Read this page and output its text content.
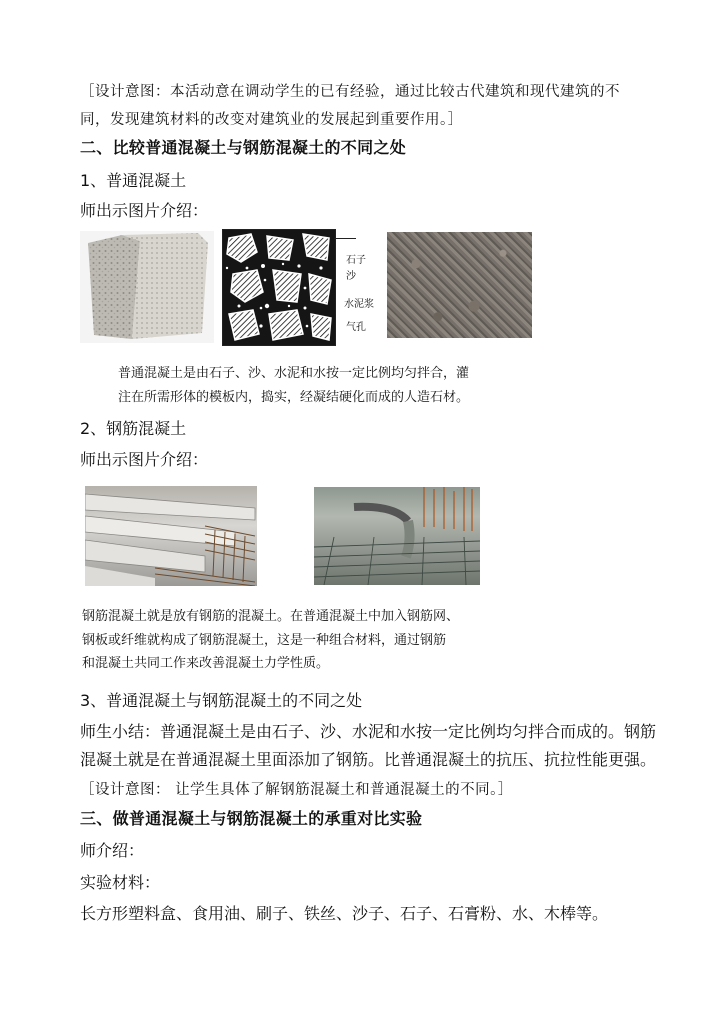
［设计意图：本活动意在调动学生的已有经验，通过比较古代建筑和现代建筑的不
同，发现建筑材料的改变对建筑业的发展起到重要作用。］
二、比较普通混凝土与钢筋混凝土的不同之处
1、普通混凝土
师出示图片介绍：
石子
沙
水泥浆
气孔
普通混凝土是由石子、沙、水泥和水按一定比例均匀拌合，灌
注在所需形体的模板内，捣实，经凝结硬化而成的人造石材。
2、钢筋混凝土
师出示图片介绍：
钢筋混凝土就是放有钢筋的混凝土。在普通混凝土中加入钢筋网、
钢板或纤维就构成了钢筋混凝土，这是一种组合材料，通过钢筋
和混凝土共同工作来改善混凝土力学性质。
3、普通混凝土与钢筋混凝土的不同之处
师生小结：普通混凝土是由石子、沙、水泥和水按一定比例均匀拌合而成的。钢筋
混凝土就是在普通混凝土里面添加了钢筋。比普通混凝土的抗压、抗拉性能更强。
［设计意图： 让学生具体了解钢筋混凝土和普通混凝土的不同。］
三、做普通混凝土与钢筋混凝土的承重对比实验
师介绍：
实验材料：
长方形塑料盒、食用油、刷子、铁丝、沙子、石子、石膏粉、水、木棒等。
